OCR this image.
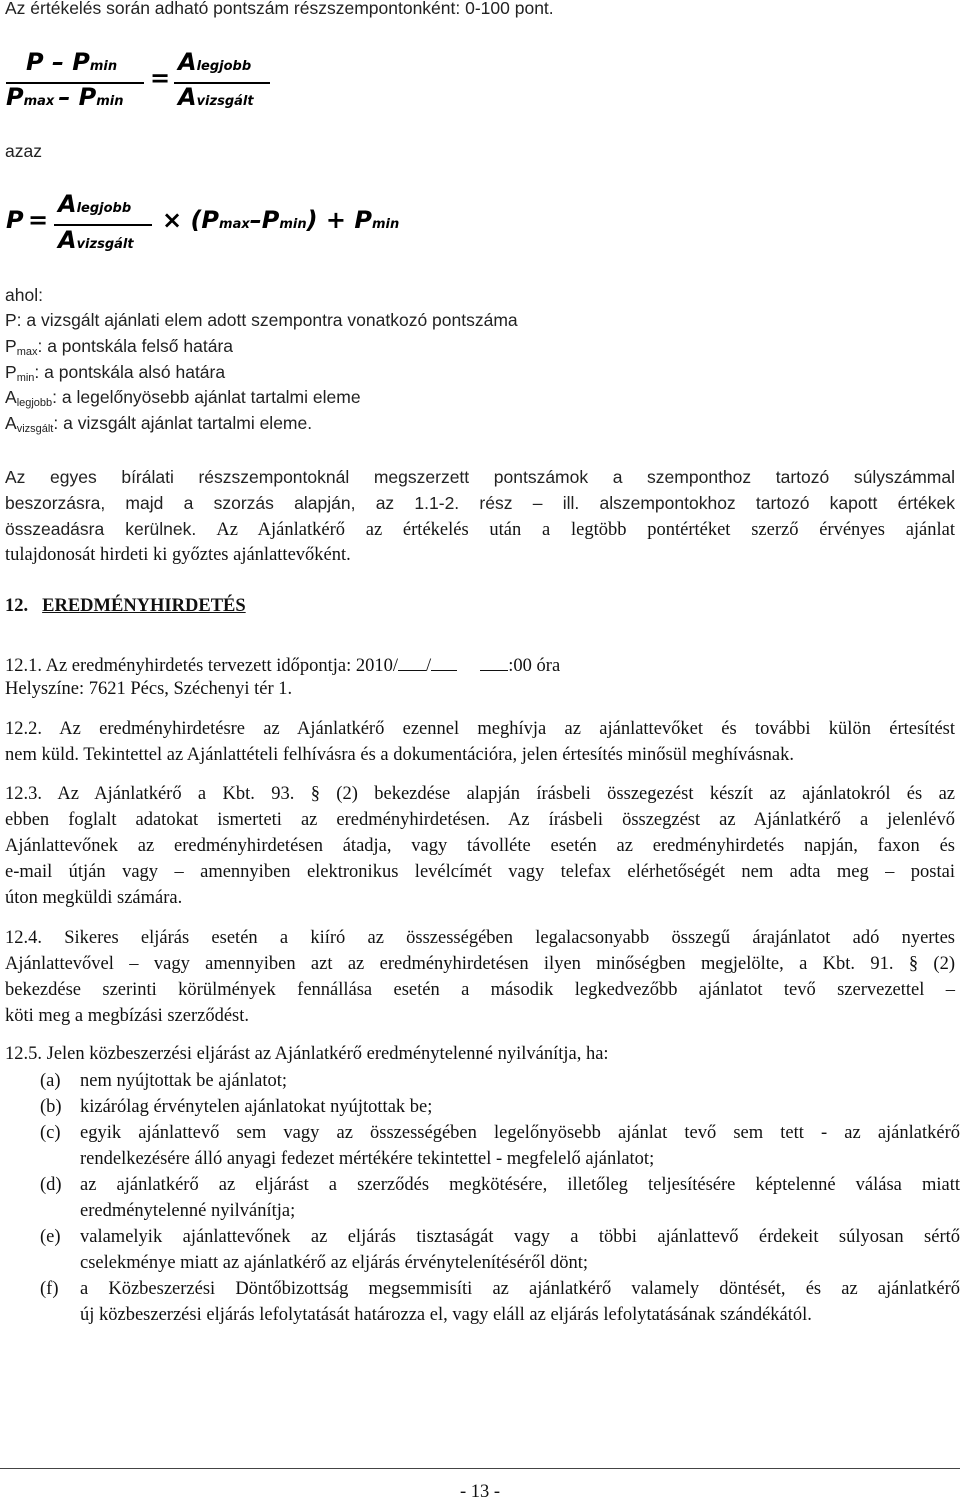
Az értékelés során adható pontszám részszempontonként: 0-100 pont.
P – Pmin
Pmax – Pmin
=
Alegjobb
Avizsgált
azaz
P =
Alegjobb
Avizsgált
× (Pmax–Pmin) + Pmin
ahol:
P: a vizsgált ajánlati elem adott szempontra vonatkozó pontszáma
$P_{max}$: a pontskála felső határa
$P_{min}$: a pontskála alsó határa
$A_{legjobb}$: a legelőnyösebb ajánlat tartalmi eleme
$A_{vizsgált}$: a vizsgált ajánlat tartalmi eleme.
Az egyes bírálati részszempontoknál megszerzett pontszámok a szemponthoz tartozó súlyszámmal
beszorzásra, majd a szorzás alapján, az 1.1-2. rész – ill. alszempontokhoz tartozó kapott értékek
összeadásra kerülnek. Az Ajánlatkérő az értékelés után a legtöbb pontértéket szerző érvényes ajánlat
tulajdonosát hirdeti ki győztes ajánlattevőként.
12. EREDMÉNYHIRDETÉS
12.1. Az eredményhirdetés tervezett időpontja: 2010/ /	:00 óra
Helyszíne: 7621 Pécs, Széchenyi tér 1.
12.2. Az eredményhirdetésre az Ajánlatkérő ezennel meghívja az ajánlattevőket és további külön értesítést
nem küld. Tekintettel az Ajánlattételi felhívásra és a dokumentációra, jelen értesítés minősül meghívásnak.
12.3. Az Ajánlatkérő a Kbt. 93. § (2) bekezdése alapján írásbeli összegezést készít az ajánlatokról és az
ebben foglalt adatokat ismerteti az eredményhirdetésen. Az írásbeli összegzést az Ajánlatkérő a jelenlévő
Ajánlattevőnek az eredményhirdetésen átadja, vagy távolléte esetén az eredményhirdetés napján, faxon és
e-mail útján vagy – amennyiben elektronikus levélcímét vagy telefax elérhetőségét nem adta meg – postai
úton megküldi számára.
12.4. Sikeres eljárás esetén a kiíró az összességében legalacsonyabb összegű árajánlatot adó nyertes
Ajánlattevővel – vagy amennyiben azt az eredményhirdetésen ilyen minőségben megjelölte, a Kbt. 91. § (2)
bekezdése szerinti körülmények fennállása esetén a második legkedvezőbb ajánlatot tevő szervezettel –
köti meg a megbízási szerződést.
12.5. Jelen közbeszerzési eljárást az Ajánlatkérő eredménytelenné nyilvánítja, ha:
(a) nem nyújtottak be ajánlatot;
(b) kizárólag érvénytelen ajánlatokat nyújtottak be;
(c) egyik ajánlattevő sem vagy az összességében legelőnyösebb ajánlat tevő sem tett - az ajánlatkérő
rendelkezésére álló anyagi fedezet mértékére tekintettel - megfelelő ajánlatot;
(d) az ajánlatkérő az eljárást a szerződés megkötésére, illetőleg teljesítésére képtelenné válása miatt
eredménytelenné nyilvánítja;
(e) valamelyik ajánlattevőnek az eljárás tisztaságát vagy a többi ajánlattevő érdekeit súlyosan sértő
cselekménye miatt az ajánlatkérő az eljárás érvénytelenítéséről dönt;
(f) a Közbeszerzési Döntőbizottság megsemmisíti az ajánlatkérő valamely döntését, és az ajánlatkérő
új közbeszerzési eljárás lefolytatását határozza el, vagy eláll az eljárás lefolytatásának szándékától.
- 13 -
